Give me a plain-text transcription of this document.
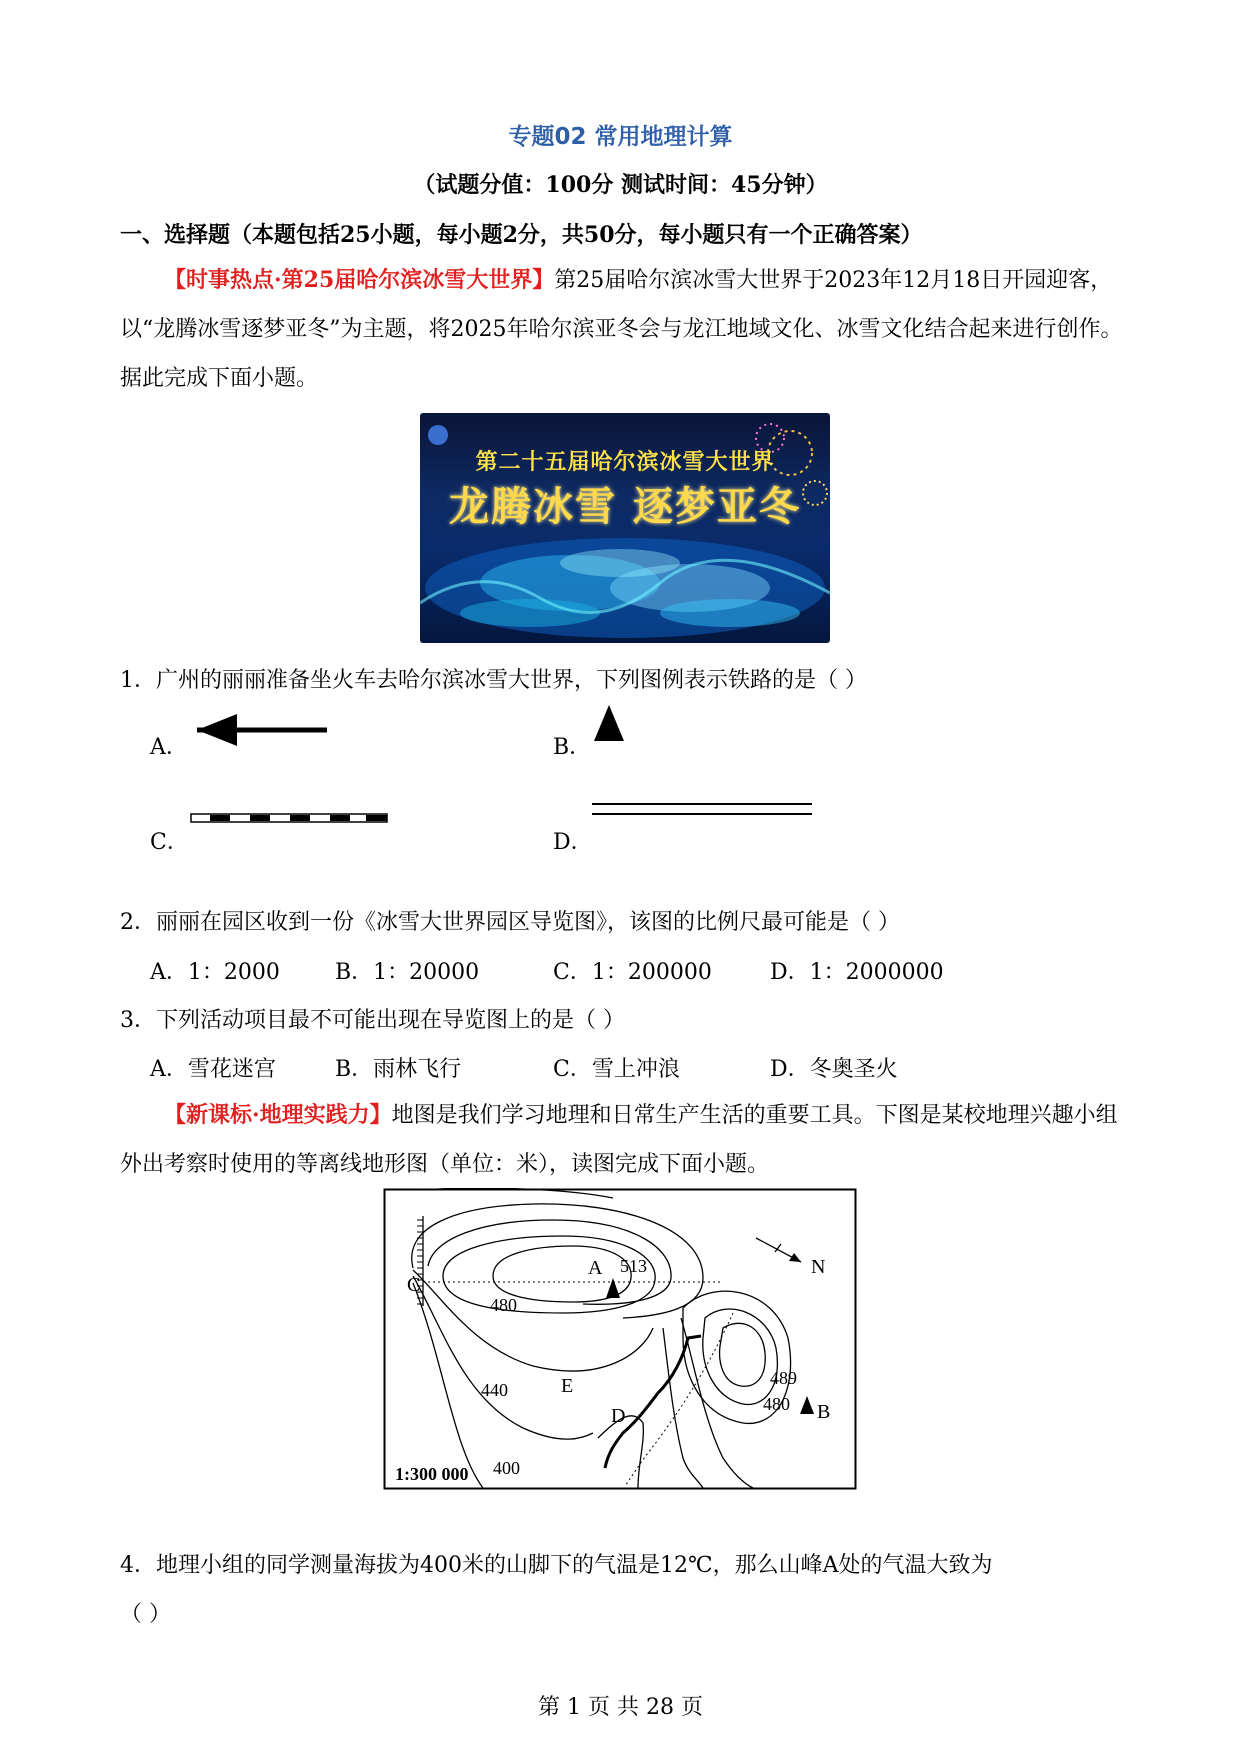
专题02 常用地理计算
（试题分值：100分 测试时间：45分钟）
一、选择题（本题包括25小题，每小题2分，共50分，每小题只有一个正确答案）
【时事热点·第25届哈尔滨冰雪大世界】第25届哈尔滨冰雪大世界于2023年12月18日开园迎客，以“龙腾冰雪逐梦亚冬”为主题，将2025年哈尔滨亚冬会与龙江地域文化、冰雪文化结合起来进行创作。据此完成下面小题。
第二十五届哈尔滨冰雪大世界
龙腾冰雪 逐梦亚冬
1．广州的丽丽准备坐火车去哈尔滨冰雪大世界，下列图例表示铁路的是（ ）
A．	B．
C．	D．
2．丽丽在园区收到一份《冰雪大世界园区导览图》，该图的比例尺最可能是（ ）
A．1：2000	B．1：20000	C．1：200000	D．1：2000000
3．下列活动项目最不可能出现在导览图上的是（ ）
A．雪花迷宫	B．雨林飞行	C．雪上冲浪	D．冬奥圣火
【新课标·地理实践力】地图是我们学习地理和日常生产生活的重要工具。下图是某校地理兴趣小组外出考察时使用的等离线地形图（单位：米），读图完成下面小题。
C
A 513
480
440	E
400
D
489
480 B
N
1:300 000
4．地理小组的同学测量海拔为400米的山脚下的气温是12℃，那么山峰A处的气温大致为
（ ）
第 1 页 共 28 页
